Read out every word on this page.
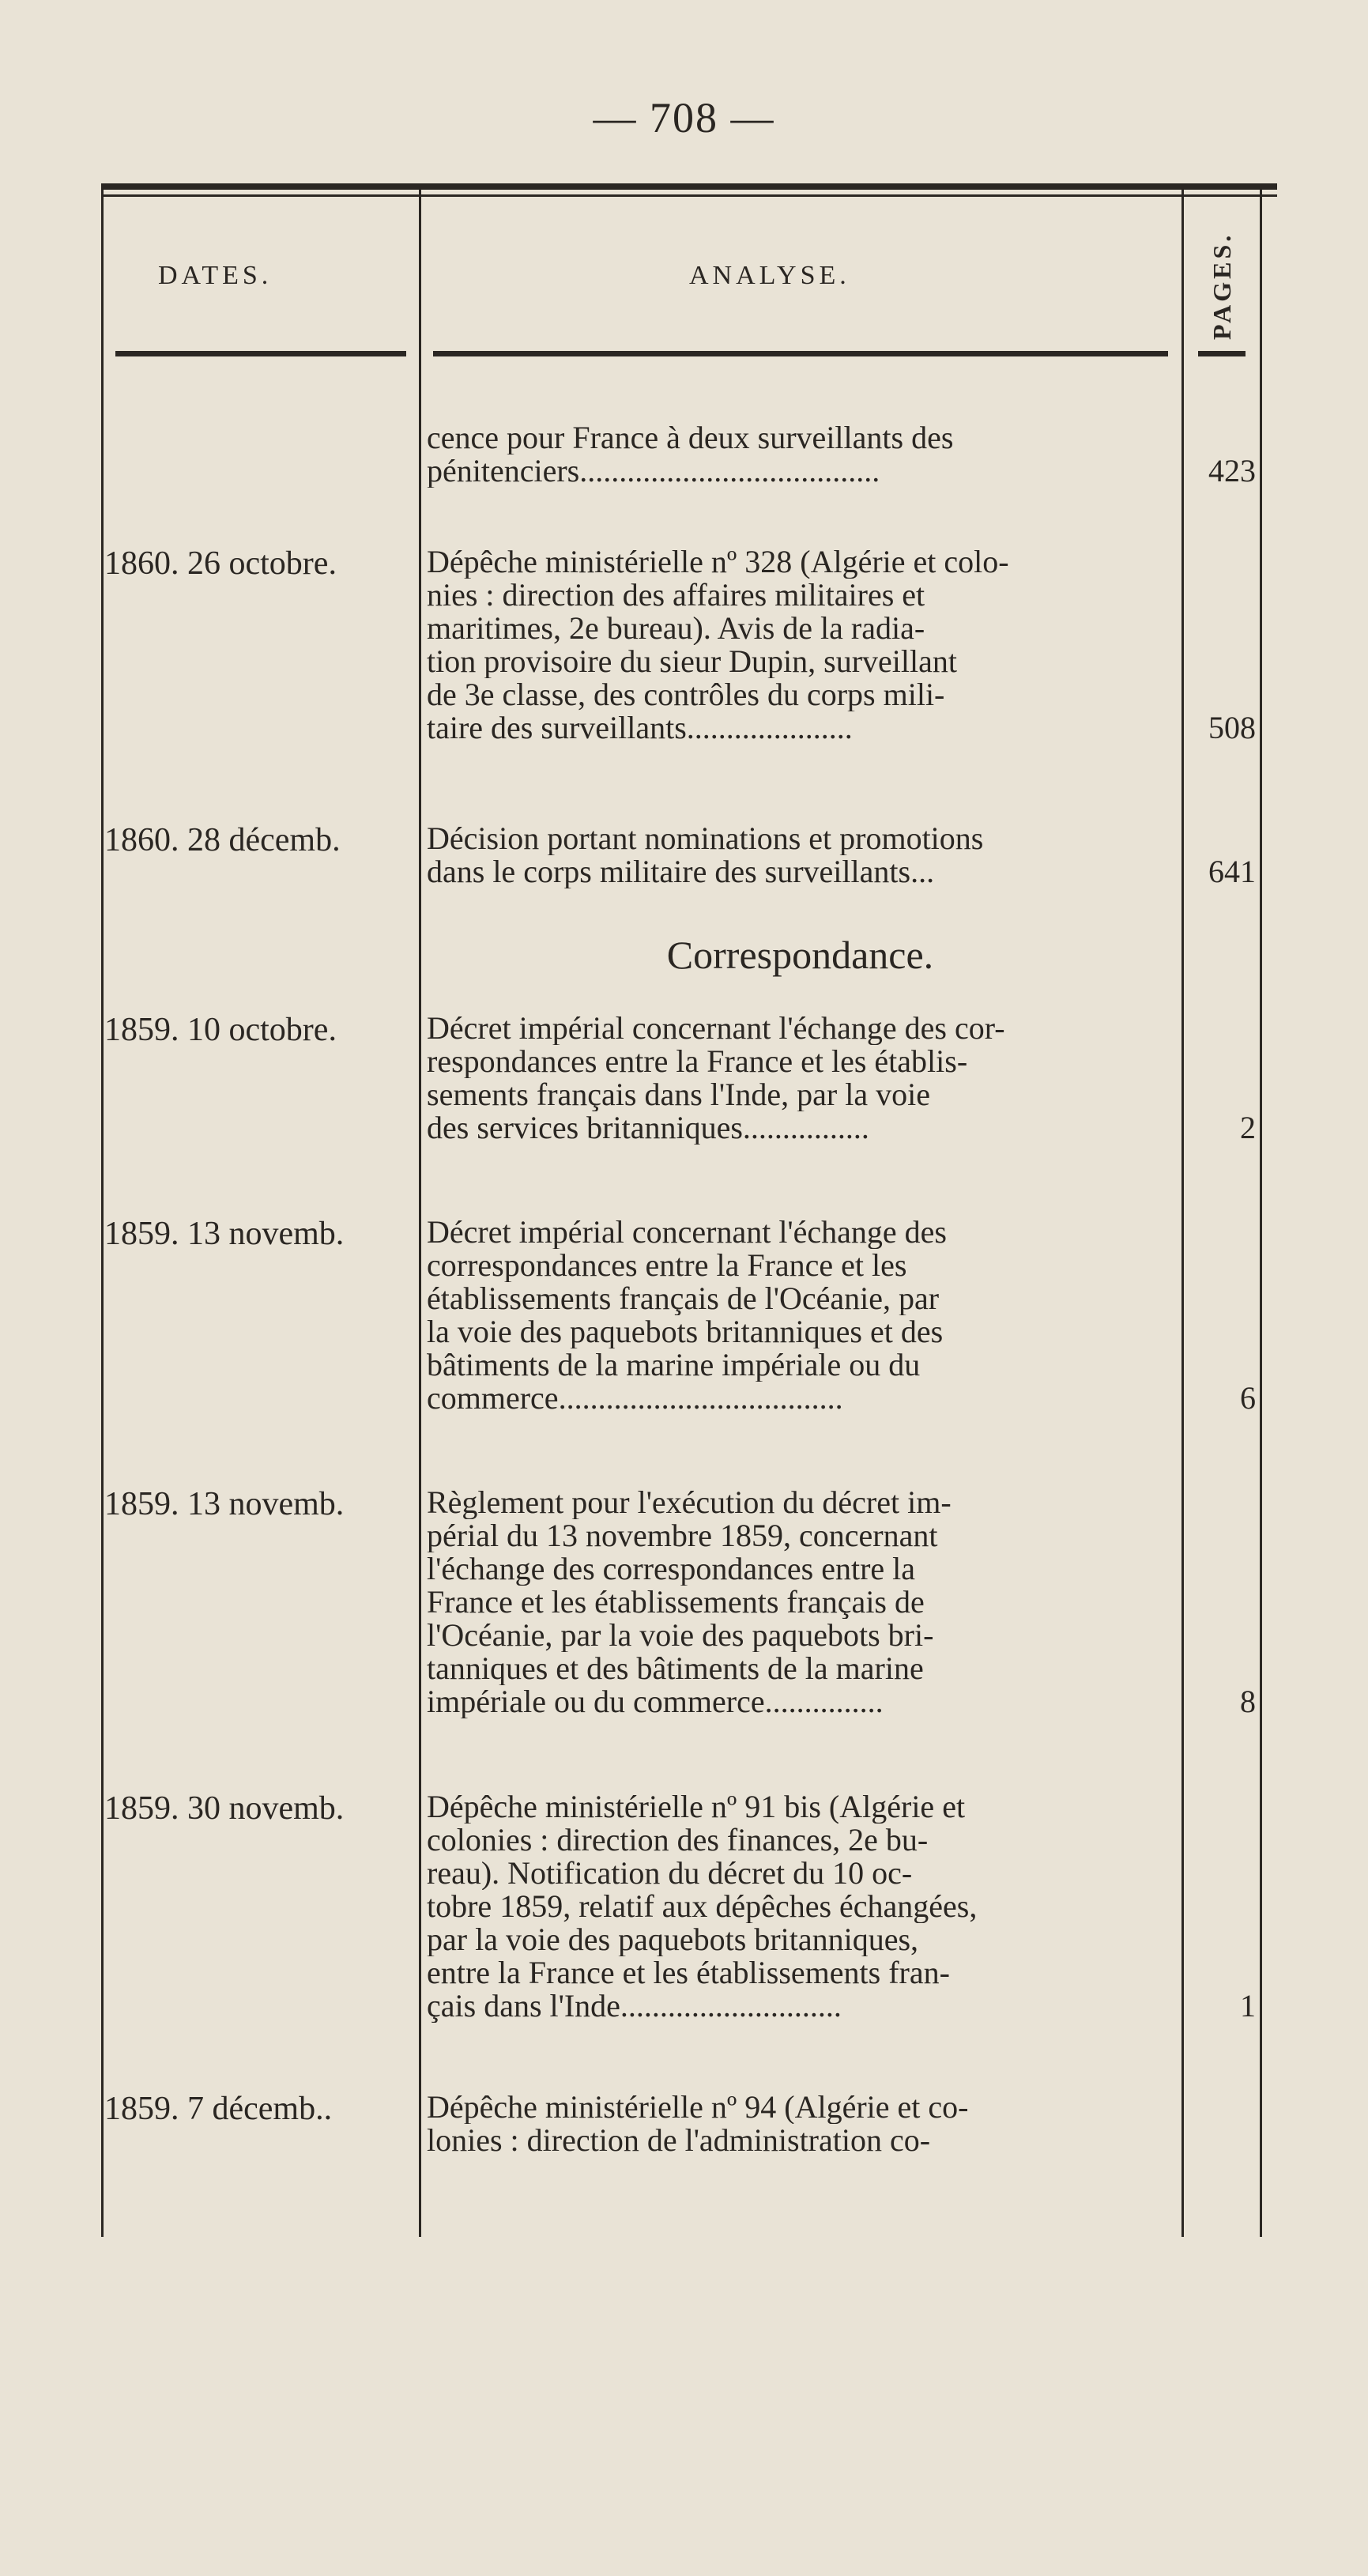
— 708 —
DATES.	ANALYSE.	PAGES.
cence pour France à deux surveillants des
pénitenciers......................................	423
1860. 26 octobre.	Dépêche ministérielle nº 328 (Algérie et colo-
nies : direction des affaires militaires et
maritimes, 2e bureau). Avis de la radia-
tion provisoire du sieur Dupin, surveillant
de 3e classe, des contrôles du corps mili-
taire des surveillants.....................	508
1860. 28 décemb.	Décision portant nominations et promotions
dans le corps militaire des surveillants...	641
Correspondance.
1859. 10 octobre.	Décret impérial concernant l'échange des cor-
respondances entre la France et les établis-
sements français dans l'Inde, par la voie
des services britanniques................	2
1859. 13 novemb.	Décret impérial concernant l'échange des
correspondances entre la France et les
établissements français de l'Océanie, par
la voie des paquebots britanniques et des
bâtiments de la marine impériale ou du
commerce....................................	6
1859. 13 novemb.	Règlement pour l'exécution du décret im-
périal du 13 novembre 1859, concernant
l'échange des correspondances entre la
France et les établissements français de
l'Océanie, par la voie des paquebots bri-
tanniques et des bâtiments de la marine
impériale ou du commerce...............	8
1859. 30 novemb.	Dépêche ministérielle nº 91 bis (Algérie et
colonies : direction des finances, 2e bu-
reau). Notification du décret du 10 oc-
tobre 1859, relatif aux dépêches échangées,
par la voie des paquebots britanniques,
entre la France et les établissements fran-
çais dans l'Inde............................	1
1859. 7 décemb..	Dépêche ministérielle nº 94 (Algérie et co-
lonies : direction de l'administration co-
